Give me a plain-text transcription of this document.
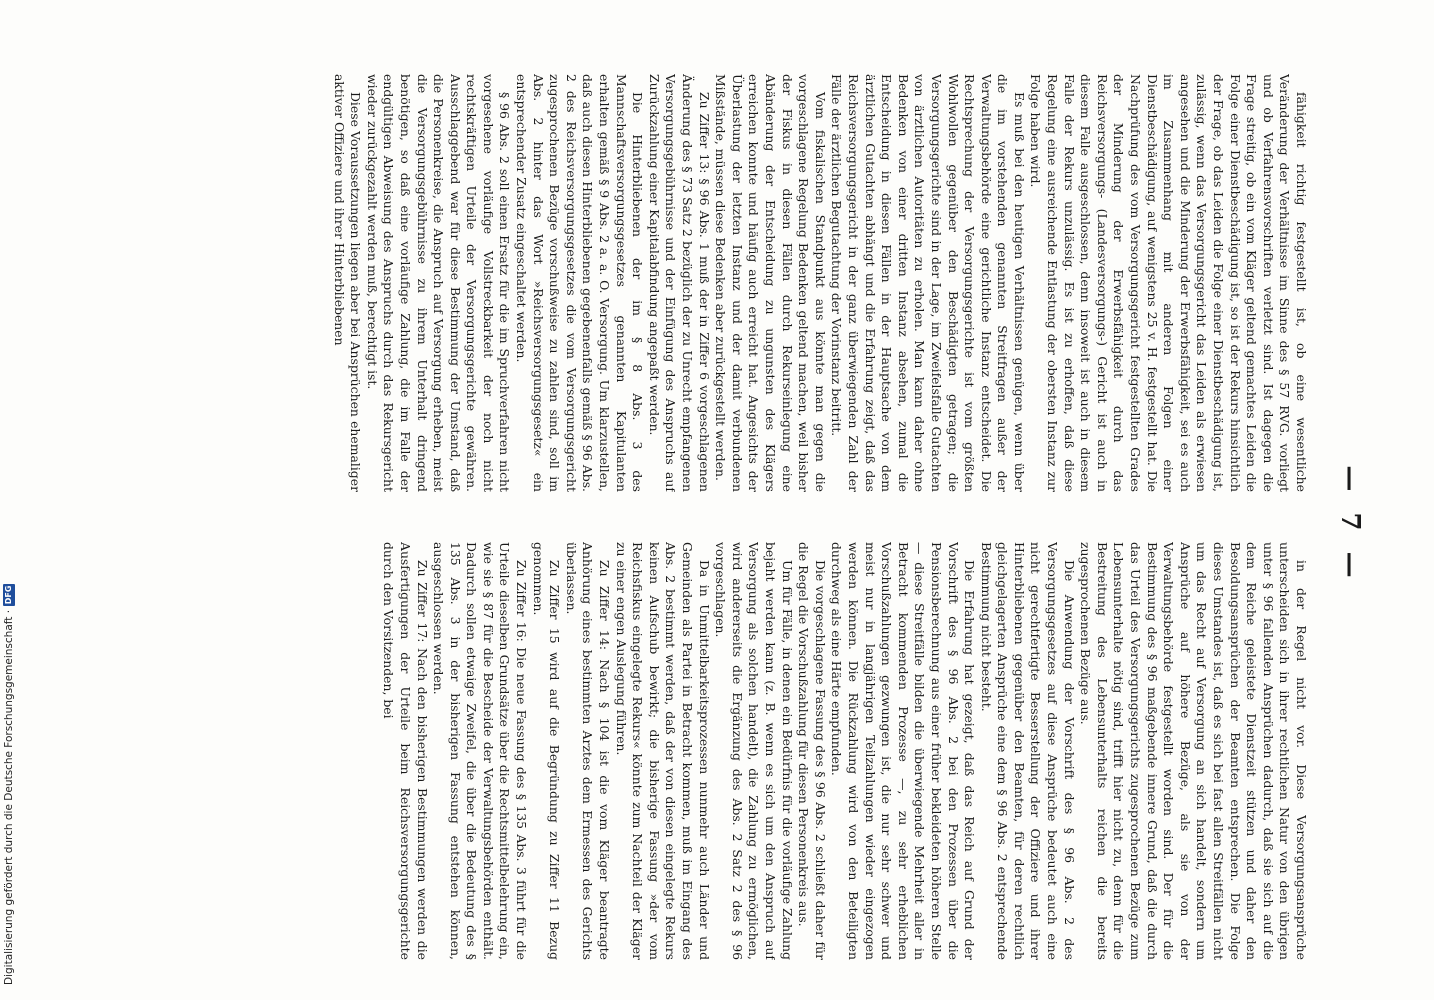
— 7 —

fähigkeit richtig festgestellt ist, ob eine wesentliche Veränderung der Verhältnisse im Sinne des § 57 RVG. vorliegt und ob Verfahrensvorschriften verletzt sind. Ist dagegen die Frage streitig, ob ein vom Kläger geltend gemachtes Leiden die Folge einer Dienstbeschädigung ist, so ist der Rekurs hinsichtlich der Frage, ob das Leiden die Folge einer Dienstbeschädigung ist, zulässig, wenn das Versorgungsgericht das Leiden als erwiesen angesehen und die Minderung der Erwerbsfähigkeit, sei es auch im Zusammenhang mit anderen Folgen einer Dienstbeschädigung, auf wenigstens 25 v. H. festgestellt hat. Die Nachprüfung des vom Versorgungsgericht festgestellten Grades der Minderung der Erwerbsfähigkeit durch das Reichsversorgungs- (Landesversorgungs-) Gericht ist auch in diesem Falle ausgeschlossen, denn insoweit ist auch in diesem Falle der Rekurs unzulässig. Es ist zu erhoffen, daß diese Regelung eine ausreichende Entlastung der obersten Instanz zur Folge haben wird.

Es muß bei den heutigen Verhältnissen genügen, wenn über die im vorstehenden genannten Streitfragen außer der Verwaltungsbehörde eine gerichtliche Instanz entscheidet. Die Rechtsprechung der Versorgungsgerichte ist vom größten Wohlwollen gegenüber den Beschädigten getragen; die Versorgungsgerichte sind in der Lage, im Zweifelsfalle Gutachten von ärztlichen Autoritäten zu erholen. Man kann daher ohne Bedenken von einer dritten Instanz absehen, zumal die Entscheidung in diesen Fällen in der Hauptsache von dem ärztlichen Gutachten abhängt und die Erfahrung zeigt, daß das Reichsversorgungsgericht in der ganz überwiegenden Zahl der Fälle der ärztlichen Begutachtung der Vorinstanz beitritt.

Vom fiskalischen Standpunkt aus könnte man gegen die vorgeschlagene Regelung Bedenken geltend machen, weil bisher der Fiskus in diesen Fällen durch Rekurseinlegung eine Abänderung der Entscheidung zu ungunsten des Klägers erreichen konnte und häufig auch erreicht hat. Angesichts der Überlastung der letzten Instanz und der damit verbundenen Mißstände, müssen diese Bedenken aber zurückgestellt werden.

Zu Ziffer 13: § 96 Abs. 1 muß der in Ziffer 6 vorgeschlagenen Änderung des § 73 Satz 2 bezüglich der zu Unrecht empfangenen Versorgungsgebührnisse und der Einfügung des Anspruchs auf Zurückzahlung einer Kapitalabfindung angepaßt werden.

Die Hinterbliebenen der im § 8 Abs. 3 des Mannschaftsversorgungsgesetzes genannten Kapitulanten erhalten gemäß § 9 Abs. 2 a. a. O. Versorgung. Um klarzustellen, daß auch diesen Hinterbliebenen gegebenenfalls gemäß § 96 Abs. 2 des Reichsversorgungsgesetzes die vom Versorgungsgericht zugesprochenen Bezüge vorschußweise zu zahlen sind, soll im Abs. 2 hinter das Wort »Reichsversorgungsgesetz« ein entsprechender Zusatz eingeschaltet werden.

§ 96 Abs. 2 soll einen Ersatz für die im Spruchverfahren nicht vorgesehene vorläufige Vollstreckbarkeit der noch nicht rechtskräftigen Urteile der Versorgungsgerichte gewähren. Ausschlaggebend war für diese Bestimmung der Umstand, daß die Personenkreise, die Anspruch auf Versorgung erheben, meist die Versorgungsgebührnisse zu ihrem Unterhalt dringend benötigen, so daß eine vorläufige Zahlung, die im Falle der endgültigen Abweisung des Anspruchs durch das Rekursgericht wieder zurückgezahlt werden muß, berechtigt ist.

Diese Voraussetzungen liegen aber bei Ansprüchen ehemaliger aktiver Offiziere und ihrer Hinterbliebenen

in der Regel nicht vor. Diese Versorgungsansprüche unterscheiden sich in ihrer rechtlichen Natur von den übrigen unter § 96 fallenden Ansprüchen dadurch, daß sie sich auf die dem Reiche geleistete Dienstzeit stützen und daher den Besoldungsansprüchen der Beamten entsprechen. Die Folge dieses Umstandes ist, daß es sich bei fast allen Streitfällen nicht um das Recht auf Versorgung an sich handelt, sondern um Ansprüche auf höhere Bezüge, als sie von der Verwaltungsbehörde festgestellt worden sind. Der für die Bestimmung des § 96 maßgebende innere Grund, daß die durch das Urteil des Versorgungsgerichts zugesprochenen Bezüge zum Lebensunterhalte nötig sind, trifft hier nicht zu, denn für die Bestreitung des Lebensunterhalts reichen die bereits zugesprochenen Bezüge aus.

Die Anwendung der Vorschrift des § 96 Abs. 2 des Versorgungsgesetzes auf diese Ansprüche bedeutet auch eine nicht gerechtfertigte Besserstellung der Offiziere und ihrer Hinterbliebenen gegenüber den Beamten, für deren rechtlich gleichgelagerten Ansprüche eine dem § 96 Abs. 2 entsprechende Bestimmung nicht besteht.

Die Erfahrung hat gezeigt, daß das Reich auf Grund der Vorschrift des § 96 Abs. 2 bei den Prozessen über die Pensionsberechnung aus einer früher bekleideten höheren Stelle — diese Streitfälle bilden die überwiegende Mehrheit aller in Betracht kommenden Prozesse —, zu sehr erheblichen Vorschußzahlungen gezwungen ist, die nur sehr schwer und meist nur in langjährigen Teilzahlungen wieder eingezogen werden können. Die Rückzahlung wird von den Beteiligten durchweg als eine Härte empfunden.

Die vorgeschlagene Fassung des § 96 Abs. 2 schließt daher für die Regel die Vorschußzahlung für diesen Personenkreis aus.

Um für Fälle, in denen ein Bedürfnis für die vorläufige Zahlung bejaht werden kann (z. B. wenn es sich um den Anspruch auf Versorgung als solchen handelt), die Zahlung zu ermöglichen, wird andererseits die Ergänzung des Abs. 2 Satz 2 des § 96 vorgeschlagen.

Da in Unmittelbarkeitsprozessen nunmehr auch Länder und Gemeinden als Partei in Betracht kommen, muß im Eingang des Abs. 2 bestimmt werden, daß der von diesen eingelegte Rekurs keinen Aufschub bewirkt; die bisherige Fassung »der vom Reichsfiskus eingelegte Rekurs« könnte zum Nachteil der Kläger zu einer engen Auslegung führen.

Zu Ziffer 14: Nach § 104 ist die vom Kläger beantragte Anhörung eines bestimmten Arztes dem Ermessen des Gerichts überlassen.

Zu Ziffer 15 wird auf die Begründung zu Ziffer 11 Bezug genommen.

Zu Ziffer 16: Die neue Fassung des § 135 Abs. 3 führt für die Urteile dieselben Grundsätze über die Rechtsmittelbelehrung ein, wie sie § 87 für die Bescheide der Verwaltungsbehörden enthält. Dadurch sollen etwaige Zweifel, die über die Bedeutung des § 135 Abs. 3 in der bisherigen Fassung entstehen können, ausgeschlossen werden.

Zu Ziffer 17: Nach den bisherigen Bestimmungen werden die Ausfertigungen der Urteile beim Reichsversorgungsgerichte durch den Vorsitzenden, bei

Digitalisierung gefördert durch die Deutsche Forschungsgemeinschaft ·
DFG
